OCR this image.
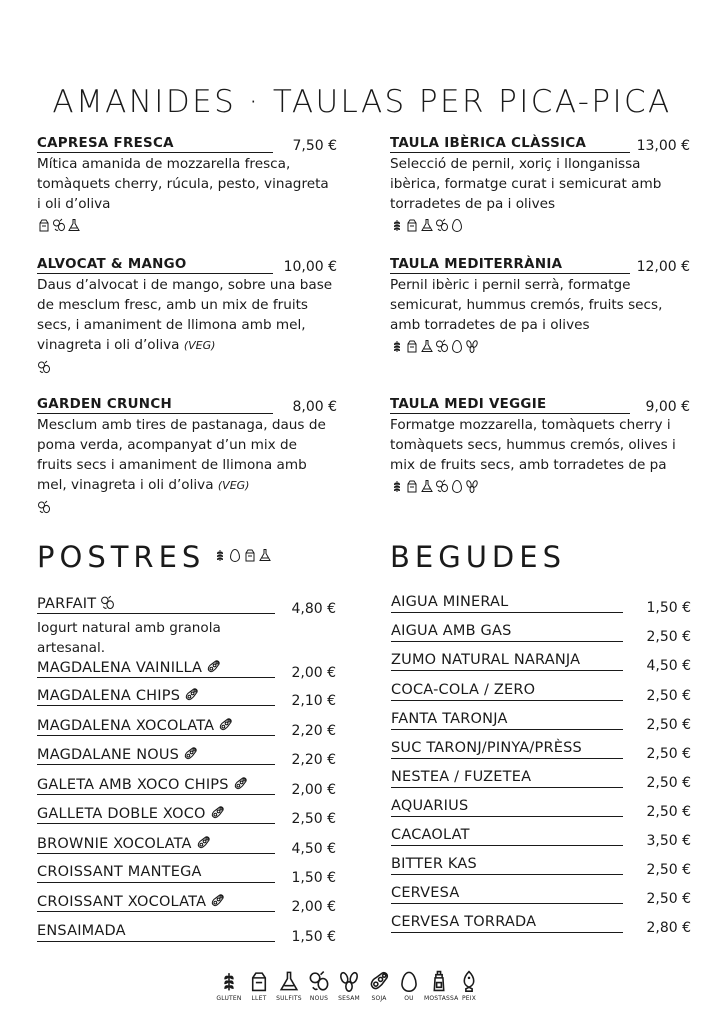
AMANIDES · TAULAS PER PICA-PICA
CAPRESA FRESCA	7,50 €
Mítica amanida de mozzarella fresca, tomàquets cherry, rúcula, pesto, vinagreta i oli d’oliva
ALVOCAT & MANGO	10,00 €
Daus d’alvocat i de mango, sobre una base de mesclum fresc, amb un mix de fruits secs, i amaniment de llimona amb mel, vinagreta i oli d’oliva (VEG)
GARDEN CRUNCH	8,00 €
Mesclum amb tires de pastanaga, daus de poma verda, acompanyat d’un mix de fruits secs i amaniment de llimona amb mel, vinagreta i oli d’oliva (VEG)
TAULA IBÈRICA CLÀSSICA	13,00 €
Selecció de pernil, xoriç i llonganissa ibèrica, formatge curat i semicurat amb torradetes de pa i olives
TAULA MEDITERRÀNIA	12,00 €
Pernil ibèric i pernil serrà, formatge semicurat, hummus cremós, fruits secs, amb torradetes de pa i olives
TAULA MEDI VEGGIE	9,00 €
Formatge mozzarella, tomàquets cherry i tomàquets secs, hummus cremós, olives i mix de fruits secs, amb torradetes de pa
POSTRES
PARFAIT	4,80 €
Iogurt natural amb granola artesanal.
MAGDALENA VAINILLA	2,00 €
MAGDALENA CHIPS	2,10 €
MAGDALENA XOCOLATA	2,20 €
MAGDALANE NOUS	2,20 €
GALETA AMB XOCO CHIPS	2,00 €
GALLETA DOBLE XOCO	2,50 €
BROWNIE XOCOLATA	4,50 €
CROISSANT MANTEGA	1,50 €
CROISSANT XOCOLATA	2,00 €
ENSAIMADA	1,50 €
BEGUDES
AIGUA MINERAL	1,50 €
AIGUA AMB GAS	2,50 €
ZUMO NATURAL NARANJA	4,50 €
COCA-COLA / ZERO	2,50 €
FANTA TARONJA	2,50 €
SUC TARONJ/PINYA/PRÈSS	2,50 €
NESTEA / FUZETEA	2,50 €
AQUARIUS	2,50 €
CACAOLAT	3,50 €
BITTER KAS	2,50 €
CERVESA	2,50 €
CERVESA TORRADA	2,80 €
GLUTEN	LLET	SULFITS	NOUS	SESAM	SOJA	OU	MOSTASSA PEIX
